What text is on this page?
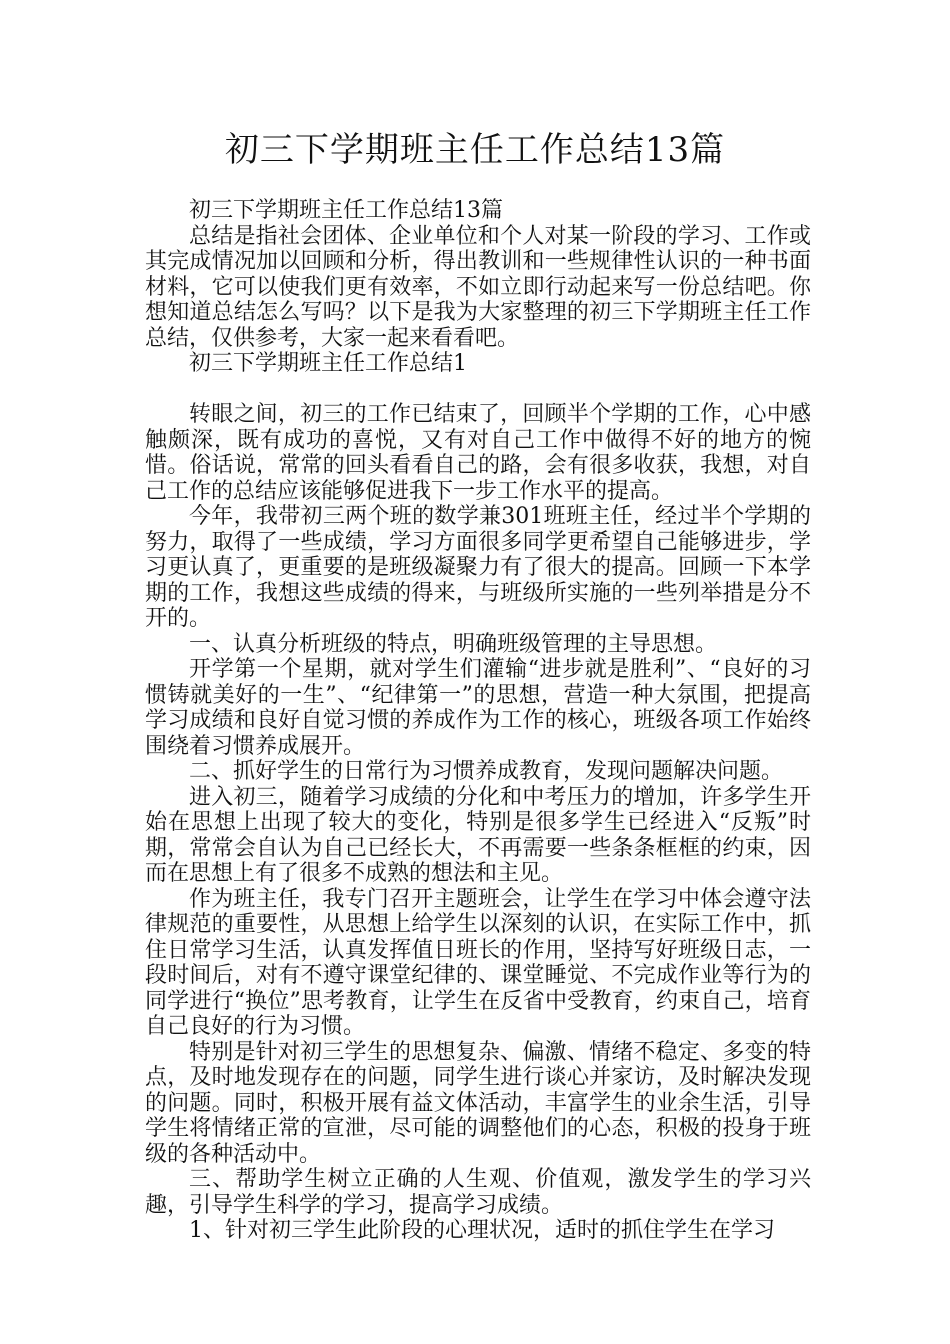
初三下学期班主任工作总结13篇

初三下学期班主任工作总结13篇

总结是指社会团体、企业单位和个人对某一阶段的学习、工作或其完成情况加以回顾和分析，得出教训和一些规律性认识的一种书面材料，它可以使我们更有效率，不如立即行动起来写一份总结吧。你想知道总结怎么写吗？以下是我为大家整理的初三下学期班主任工作总结，仅供参考，大家一起来看看吧。

初三下学期班主任工作总结1

转眼之间，初三的工作已结束了，回顾半个学期的工作，心中感触颇深，既有成功的喜悦，又有对自己工作中做得不好的地方的惋惜。俗话说，常常的回头看看自己的路，会有很多收获，我想，对自己工作的总结应该能够促进我下一步工作水平的提高。

今年，我带初三两个班的数学兼301班班主任，经过半个学期的努力，取得了一些成绩，学习方面很多同学更希望自己能够进步，学习更认真了，更重要的是班级凝聚力有了很大的提高。回顾一下本学期的工作，我想这些成绩的得来，与班级所实施的一些列举措是分不开的。

一、认真分析班级的特点，明确班级管理的主导思想。

开学第一个星期，就对学生们灌输“进步就是胜利”、“良好的习惯铸就美好的一生”、“纪律第一”的思想，营造一种大氛围，把提高学习成绩和良好自觉习惯的养成作为工作的核心，班级各项工作始终围绕着习惯养成展开。

二、抓好学生的日常行为习惯养成教育，发现问题解决问题。

进入初三，随着学习成绩的分化和中考压力的增加，许多学生开始在思想上出现了较大的变化，特别是很多学生已经进入“反叛”时期，常常会自认为自己已经长大，不再需要一些条条框框的约束，因而在思想上有了很多不成熟的想法和主见。

作为班主任，我专门召开主题班会，让学生在学习中体会遵守法律规范的重要性，从思想上给学生以深刻的认识，在实际工作中，抓住日常学习生活，认真发挥值日班长的作用，坚持写好班级日志，一段时间后，对有不遵守课堂纪律的、课堂睡觉、不完成作业等行为的同学进行“换位”思考教育，让学生在反省中受教育，约束自己，培育自己良好的行为习惯。

特别是针对初三学生的思想复杂、偏激、情绪不稳定、多变的特点，及时地发现存在的问题，同学生进行谈心并家访，及时解决发现的问题。同时，积极开展有益文体活动，丰富学生的业余生活，引导学生将情绪正常的宣泄，尽可能的调整他们的心态，积极的投身于班级的各种活动中。

三、帮助学生树立正确的人生观、价值观，激发学生的学习兴趣，引导学生科学的学习，提高学习成绩。

1、针对初三学生此阶段的心理状况，适时的抓住学生在学习
